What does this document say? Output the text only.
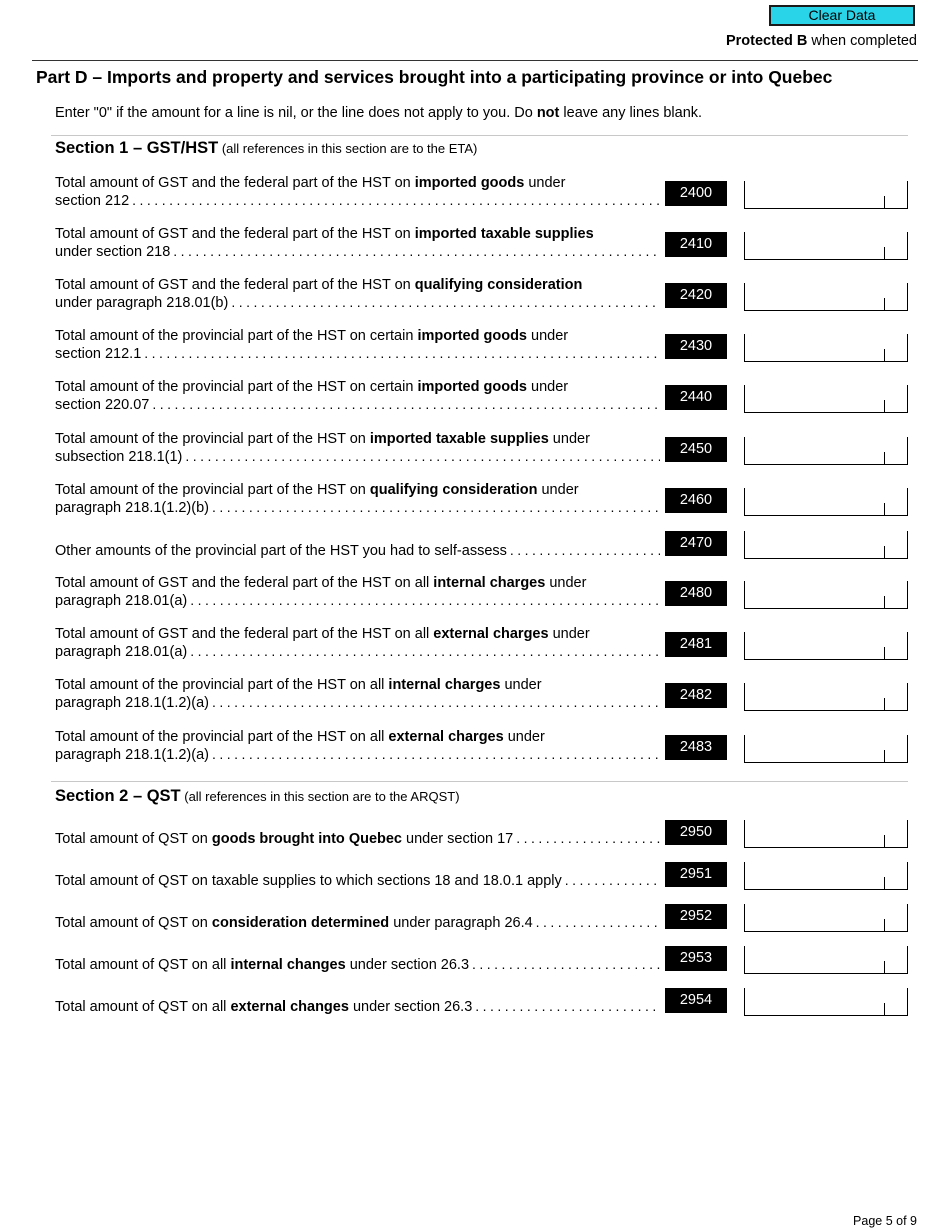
Clear Data
Protected B when completed
Part D – Imports and property and services brought into a participating province or into Quebec
Enter "0" if the amount for a line is nil, or the line does not apply to you. Do not leave any lines blank.
Section 1 – GST/HST (all references in this section are to the ETA)
Total amount of GST and the federal part of the HST on imported goods under
section 212 . . .	2400
Total amount of GST and the federal part of the HST on imported taxable supplies
under section 218 . . .	2410
Total amount of GST and the federal part of the HST on qualifying consideration
under paragraph 218.01(b) . . .	2420
Total amount of the provincial part of the HST on certain imported goods under
section 212.1 . . .	2430
Total amount of the provincial part of the HST on certain imported goods under
section 220.07 . . .	2440
Total amount of the provincial part of the HST on imported taxable supplies under
subsection 218.1(1) . . .	2450
Total amount of the provincial part of the HST on qualifying consideration under
paragraph 218.1(1.2)(b) . . .	2460
Other amounts of the provincial part of the HST you had to self-assess . . .	2470
Total amount of GST and the federal part of the HST on all internal charges under
paragraph 218.01(a) . . .	2480
Total amount of GST and the federal part of the HST on all external charges under
paragraph 218.01(a) . . .	2481
Total amount of the provincial part of the HST on all internal charges under
paragraph 218.1(1.2)(a) . . .	2482
Total amount of the provincial part of the HST on all external charges under
paragraph 218.1(1.2)(a) . . .	2483
Section 2 – QST (all references in this section are to the ARQST)
Total amount of QST on goods brought into Quebec under section 17 . . .	2950
Total amount of QST on taxable supplies to which sections 18 and 18.0.1 apply . . .	2951
Total amount of QST on consideration determined under paragraph 26.4 . . .	2952
Total amount of QST on all internal changes under section 26.3 . . .	2953
Total amount of QST on all external changes under section 26.3 . . .	2954
Page 5 of 9
